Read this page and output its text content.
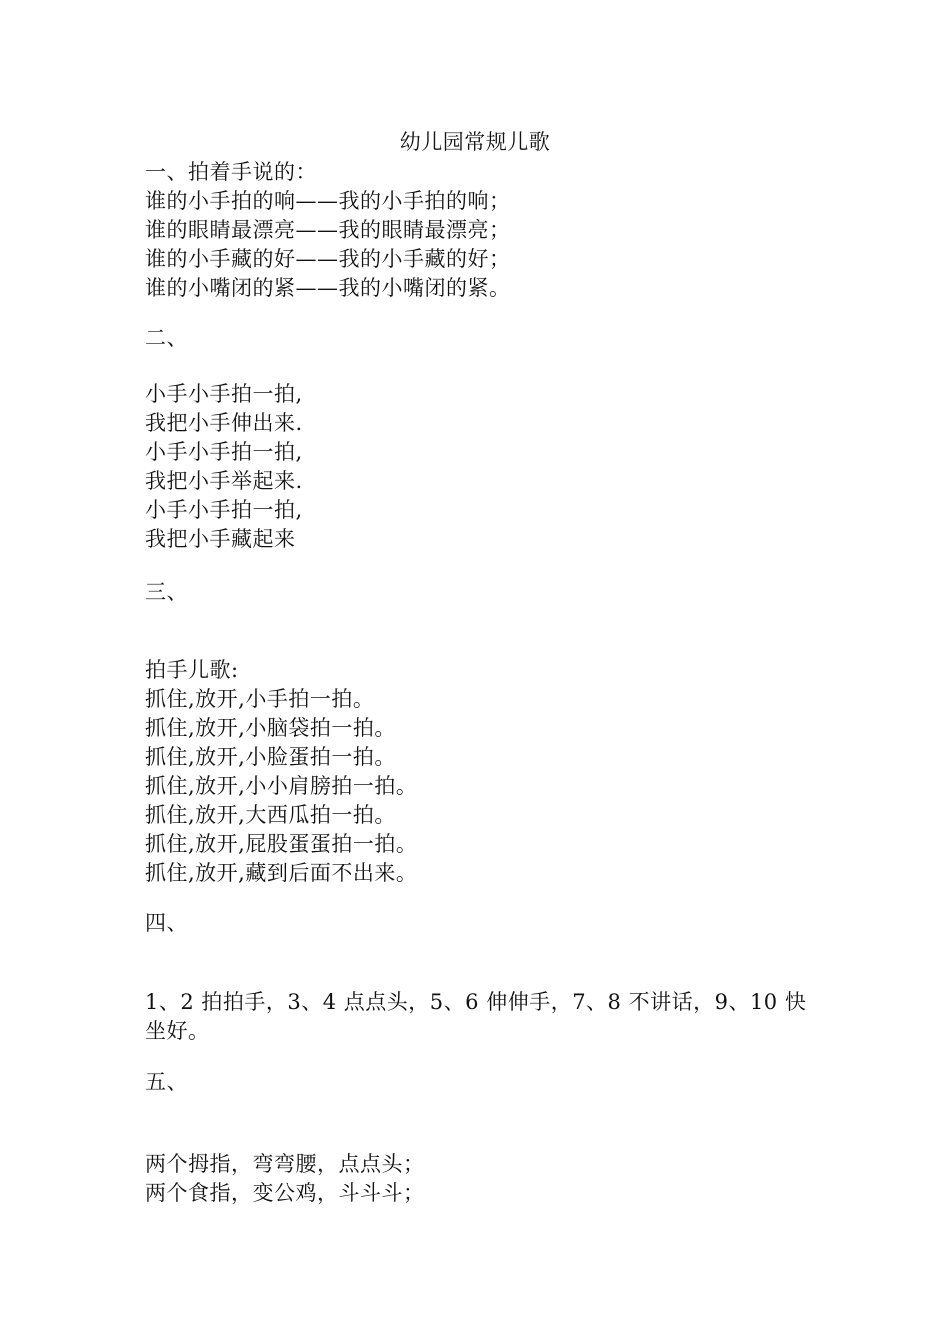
幼儿园常规儿歌
一、拍着手说的：
谁的小手拍的响——我的小手拍的响；
谁的眼睛最漂亮——我的眼睛最漂亮；
谁的小手藏的好——我的小手藏的好；
谁的小嘴闭的紧——我的小嘴闭的紧。
二、
小手小手拍一拍,
我把小手伸出来.
小手小手拍一拍,
我把小手举起来.
小手小手拍一拍,
我把小手藏起来
三、
拍手儿歌:
抓住,放开,小手拍一拍。
抓住,放开,小脑袋拍一拍。
抓住,放开,小脸蛋拍一拍。
抓住,放开,小小肩膀拍一拍。
抓住,放开,大西瓜拍一拍。
抓住,放开,屁股蛋蛋拍一拍。
抓住,放开,藏到后面不出来。
四、
1、2 拍拍手，3、4 点点头，5、6 伸伸手，7、8 不讲话，9、10 快
坐好。
五、
两个拇指，弯弯腰，点点头；
两个食指，变公鸡，斗斗斗；
